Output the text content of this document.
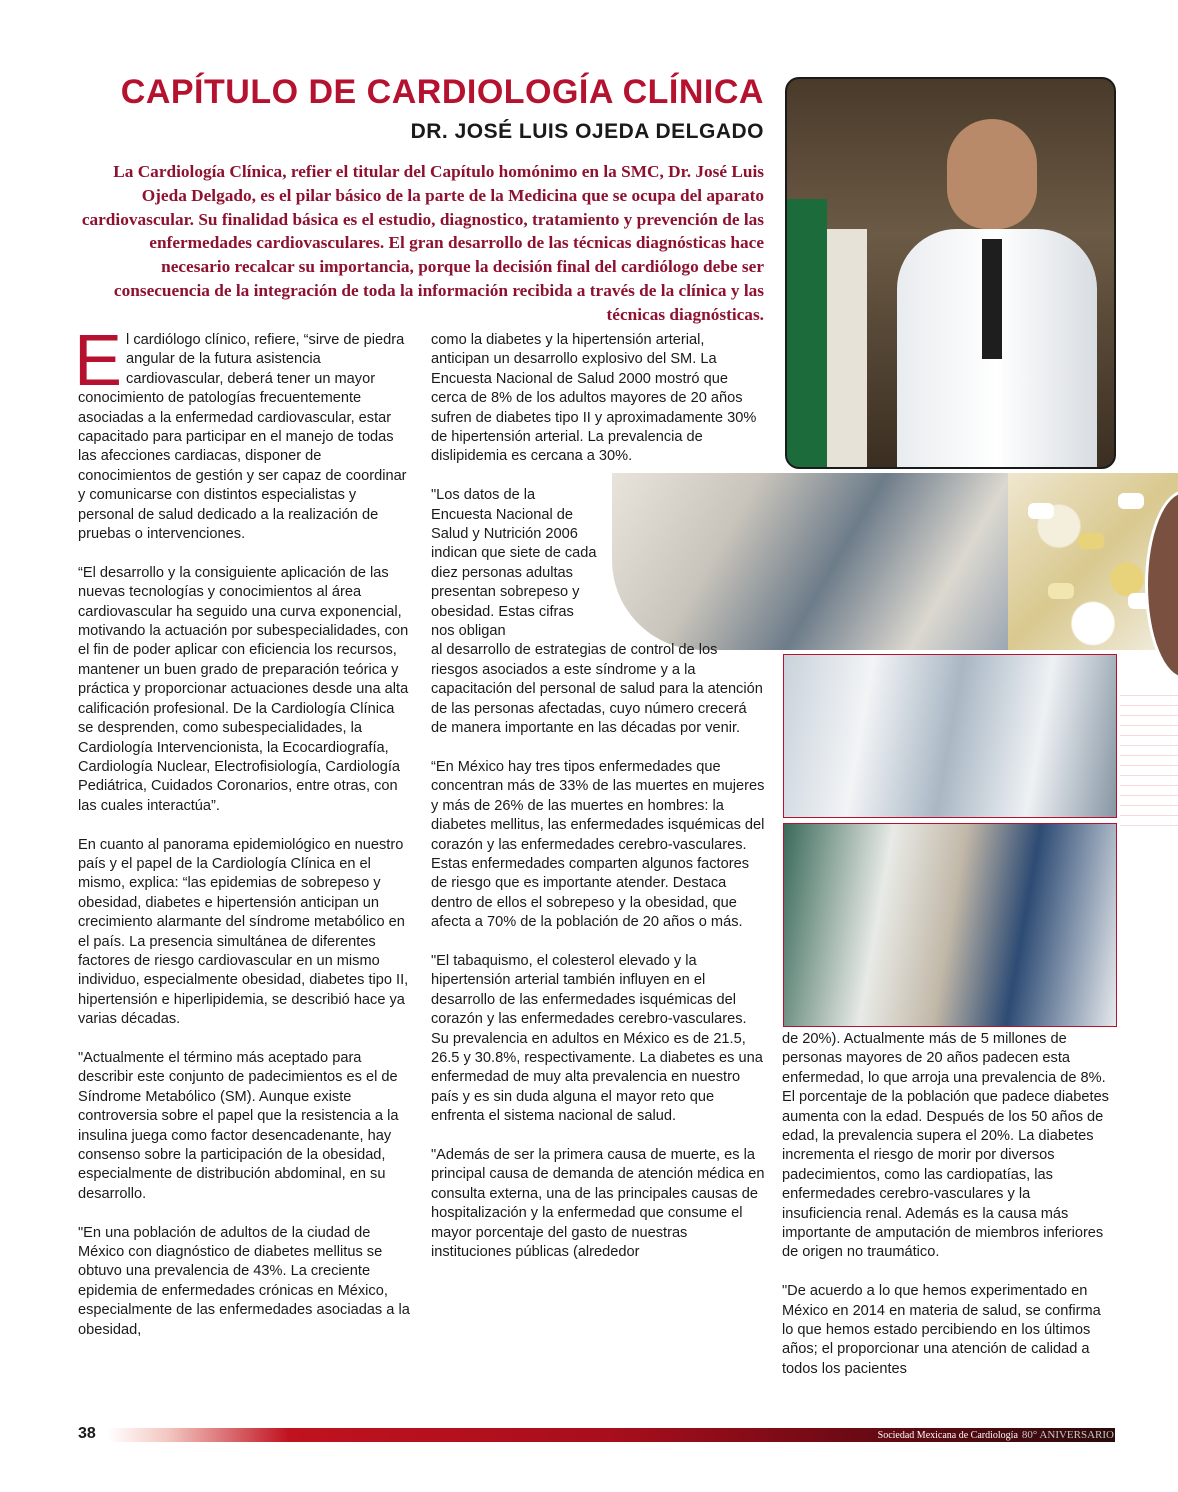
CAPÍTULO DE CARDIOLOGÍA CLÍNICA
DR. JOSÉ LUIS OJEDA DELGADO
La Cardiología Clínica, refier el titular del Capítulo homónimo en la SMC, Dr. José Luis Ojeda Delgado, es el pilar básico de la parte de la Medicina que se ocupa del aparato cardiovascular. Su finalidad básica es el estudio, diagnostico, tratamiento y prevención de las enfermedades cardiovasculares. El gran desarrollo de las técnicas diagnósticas hace necesario recalcar su importancia, porque la decisión final del cardiólogo debe ser consecuencia de la integración de toda la información recibida a través de la clínica y las técnicas diagnósticas.

El cardiólogo clínico, refiere, “sirve de piedra angular de la futura asistencia cardiovascular, deberá tener un mayor conocimiento de patologías frecuentemente asociadas a la enfermedad cardiovascular, estar capacitado para participar en el manejo de todas las afecciones cardiacas, disponer de conocimientos de gestión y ser capaz de coordinar y comunicarse con distintos especialistas y personal de salud dedicado a la realización de pruebas o intervenciones.

“El desarrollo y la consiguiente aplicación de las nuevas tecnologías y conocimientos al área cardiovascular ha seguido una curva exponencial, motivando la actuación por subespecialidades, con el fin de poder aplicar con eficiencia los recursos, mantener un buen grado de preparación teórica y práctica y proporcionar actuaciones desde una alta calificación profesional. De la Cardiología Clínica se desprenden, como subespecialidades, la Cardiología Intervencionista, la Ecocardiografía, Cardiología Nuclear, Electrofisiología, Cardiología Pediátrica, Cuidados Coronarios, entre otras, con las cuales interactúa”.

En cuanto al panorama epidemiológico en nuestro país y el papel de la Cardiología Clínica en el mismo, explica: “las epidemias de sobrepeso y obesidad, diabetes e hipertensión anticipan un crecimiento alarmante del síndrome metabólico en el país. La presencia simultánea de diferentes factores de riesgo cardiovascular en un mismo individuo, especialmente obesidad, diabetes tipo II, hipertensión e hiperlipidemia, se describió hace ya varias décadas.

"Actualmente el término más aceptado para describir este conjunto de padecimientos es el de Síndrome Metabólico (SM). Aunque existe controversia sobre el papel que la resistencia a la insulina juega como factor desencadenante, hay consenso sobre la participación de la obesidad, especialmente de distribución abdominal, en su desarrollo.

"En una población de adultos de la ciudad de México con diagnóstico de diabetes mellitus se obtuvo una prevalencia de 43%. La creciente epidemia de enfermedades crónicas en México, especialmente de las enfermedades asociadas a la obesidad,

como la diabetes y la hipertensión arterial, anticipan un desarrollo explosivo del SM. La Encuesta Nacional de Salud 2000 mostró que cerca de 8% de los adultos mayores de 20 años sufren de diabetes tipo II y aproximadamente 30% de hipertensión arterial. La prevalencia de dislipidemia es cercana a 30%.

"Los datos de la Encuesta Nacional de Salud y Nutrición 2006 indican que siete de cada diez personas adultas presentan sobrepeso y obesidad. Estas cifras nos obligan

al desarrollo de estrategias de control de los riesgos asociados a este síndrome y a la capacitación del personal de salud para la atención de las personas afectadas, cuyo número crecerá de manera importante en las décadas por venir.

“En México hay tres tipos enfermedades que concentran más de 33% de las muertes en mujeres y más de 26% de las muertes en hombres: la diabetes mellitus, las enfermedades isquémicas del corazón y las enfermedades cerebro-vasculares. Estas enfermedades comparten algunos factores de riesgo que es importante atender. Destaca dentro de ellos el sobrepeso y la obesidad, que afecta a 70% de la población de 20 años o más.

"El tabaquismo, el colesterol elevado y la hipertensión arterial también influyen en el desarrollo de las enfermedades isquémicas del corazón y las enfermedades cerebro-vasculares. Su prevalencia en adultos en México es de 21.5, 26.5 y 30.8%, respectivamente. La diabetes es una enfermedad de muy alta prevalencia en nuestro país y es sin duda alguna el mayor reto que enfrenta el sistema nacional de salud.

"Además de ser la primera causa de muerte, es la principal causa de demanda de atención médica en consulta externa, una de las principales causas de hospitalización y la enfermedad que consume el mayor porcentaje del gasto de nuestras instituciones públicas (alrededor

de 20%). Actualmente más de 5 millones de personas mayores de 20 años padecen esta enfermedad, lo que arroja una prevalencia de 8%. El porcentaje de la población que padece diabetes aumenta con la edad. Después de los 50 años de edad, la prevalencia supera el 20%. La diabetes incrementa el riesgo de morir por diversos padecimientos, como las cardiopatías, las enfermedades cerebro-vasculares y la insuficiencia renal. Además es la causa más importante de amputación de miembros inferiores de origen no traumático.

"De acuerdo a lo que hemos experimentado en México en 2014 en materia de salud, se confirma lo que hemos estado percibiendo en los últimos años; el proporcionar una atención de calidad a todos los pacientes

38	Sociedad Mexicana de Cardiología 80° ANIVERSARIO
